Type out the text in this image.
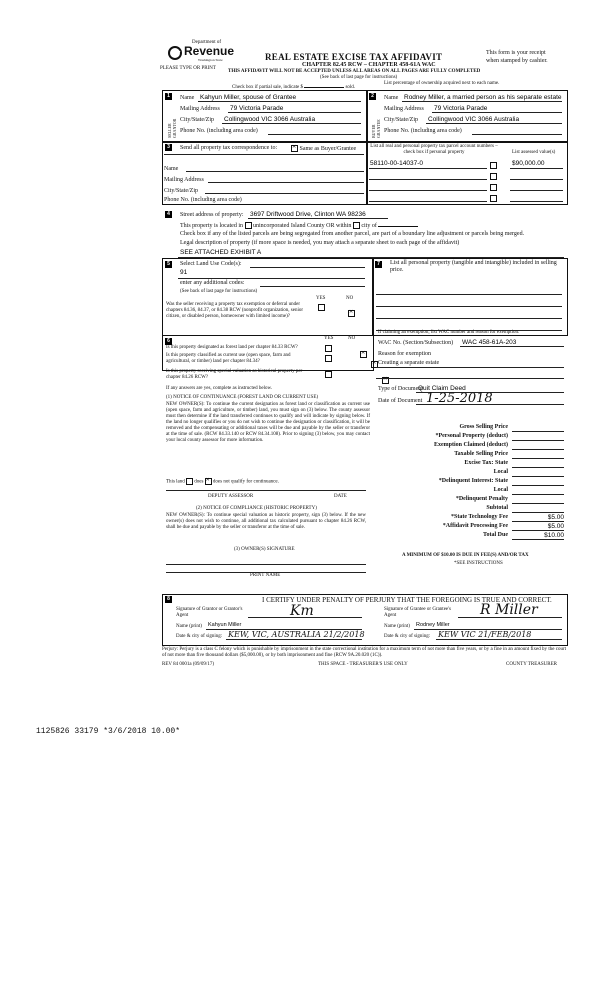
Department of
Revenue
Washington State
PLEASE TYPE OR PRINT
REAL ESTATE EXCISE TAX AFFIDAVIT
CHAPTER 82.45 RCW – CHAPTER 458-61A WAC
THIS AFFIDAVIT WILL NOT BE ACCEPTED UNLESS ALL AREAS ON ALL PAGES ARE FULLY COMPLETED
(See back of last page for instructions)
This form is your receipt
when stamped by cashier.
Check box if partial sale, indicate $	sold.
List percentage of ownership acquired next to each name.
1
SELLER GRANTOR
Name Kahyun Miller, spouse of Grantee
Mailing Address 79 Victoria Parade
City/State/Zip Collingwood VIC 3066 Australia
Phone No. (including area code)
2
BUYER GRANTEE
Name Rodney Miller, a married person as his separate estate
Mailing Address 79 Victoria Parade
City/State/Zip Collingwood VIC 3066 Australia
Phone No. (including area code)
3	Send all property tax correspondence to: ✕	Same as Buyer/Grantee
Name
Mailing Address
City/State/Zip
Phone No. (including area code)
List all real and personal property tax parcel account numbers – check box if personal property	List assessed value(s)
58110-00-14037-0	$90,000.00
4	Street address of property: 3697 Driftwood Drive, Clinton WA 98236
This property is located in unincorporated Island County OR within city of
Check box if any of the listed parcels are being segregated from another parcel, are part of a boundary line adjustment or parcels being merged.
Legal description of property (if more space is needed, you may attach a separate sheet to each page of the affidavit)
SEE ATTACHED EXHIBIT A
5	Select Land Use Code(s):
91
enter any additional codes:
(See back of last page for instructions)
YES	NO
Was the seller receiving a property tax exemption or deferral under chapters 84.36, 84.37, or 84.38 RCW (nonprofit organization, senior citizen, or disabled person, homeowner with limited income)?
✕
7	List all personal property (tangible and intangible) included in selling price.
6	YES	NO
Is this property designated as forest land per chapter 84.33 RCW?
✕
Is this property classified as current use (open space, farm and agricultural, or timber) land per chapter 84.34?
✕
Is this property receiving special valuation as historical property per chapter 84.26 RCW?
✕
If any answers are yes, complete as instructed below.
(1) NOTICE OF CONTINUANCE (FOREST LAND OR CURRENT USE)
NEW OWNER(S): To continue the current designation as forest land or classification as current use (open space, farm and agriculture, or timber) land, you must sign on (3) below. The county assessor must then determine if the land transferred continues to qualify and will indicate by signing below. If the land no longer qualifies or you do not wish to continue the designation or classification, it will be removed and the compensating or additional taxes will be due and payable by the seller or transferor at the time of sale. (RCW 84.33.140 or RCW 84.34.108). Prior to signing (3) below, you may contact your local county assessor for more information.
This land does ✕ does not qualify for continuance.
DEPUTY ASSESSOR	DATE
(2) NOTICE OF COMPLIANCE (HISTORIC PROPERTY)
NEW OWNER(S): To continue special valuation as historic property, sign (3) below. If the new owner(s) does not wish to continue, all additional tax calculated pursuant to chapter 84.26 RCW, shall be due and payable by the seller or transferor at the time of sale.
(3) OWNER(S) SIGNATURE
PRINT NAME
If claiming an exemption, list WAC number and reason for exemption:
WAC No. (Section/Subsection) WAC 458-61A-203
Reason for exemption
Creating a separate estate
Type of Document
Quit Claim Deed
Date of Document 1-25-2018
Gross Selling Price
*Personal Property (deduct)
Exemption Claimed (deduct)
Taxable Selling Price
Excise Tax: State
Local
*Delinquent Interest: State
Local
*Delinquent Penalty
Subtotal
*State Technology Fee	$5.00
*Affidavit Processing Fee	$5.00
Total Due	$10.00
A MINIMUM OF $10.00 IS DUE IN FEE(S) AND/OR TAX
*SEE INSTRUCTIONS
8	I CERTIFY UNDER PENALTY OF PERJURY THAT THE FOREGOING IS TRUE AND CORRECT.
Signature of Grantor or Grantor's Agent	Km
Name (print) Kahyun Miller
Date & city of signing: KEW, VIC, AUSTRALIA 21/2/2018
Signature of Grantee or Grantee's Agent	R Miller
Name (print) Rodney Miller
Date & city of signing: KEW VIC 21/FEB/2018
Perjury: Perjury is a class C felony which is punishable by imprisonment in the state correctional institution for a maximum term of not more than five years, or by a fine in an amount fixed by the court of not more than five thousand dollars ($5,000.00), or by both imprisonment and fine (RCW 9A.20.020 (1C)).
REV 84 0001a (09/09/17)	THIS SPACE - TREASURER'S USE ONLY	COUNTY TREASURER
1125826 33179 *3/6/2018 10.00*
